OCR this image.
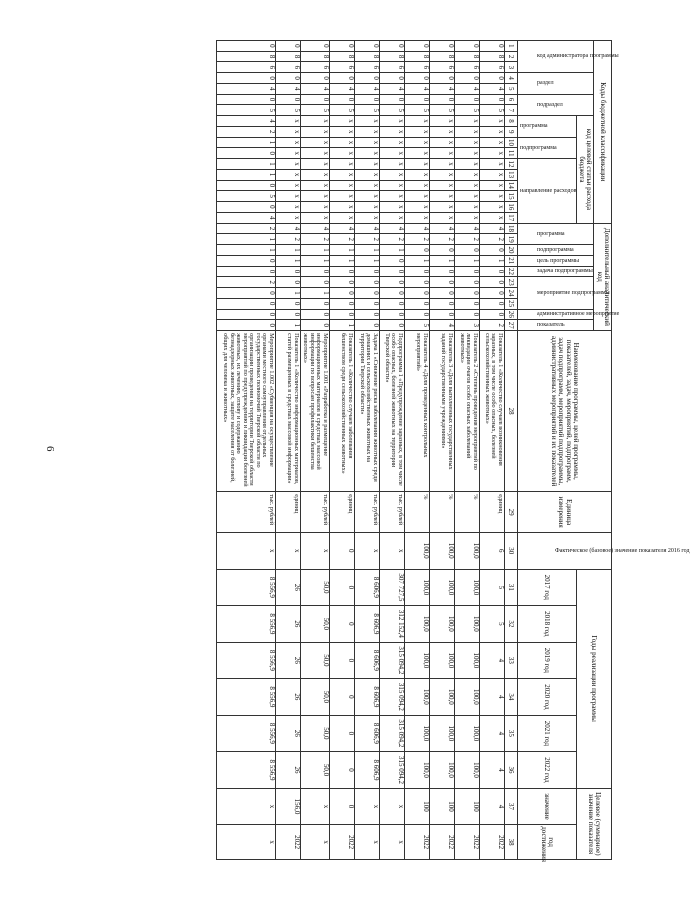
6
Коды бюджетной классификации																	Дополнительный аналитический код										Наименование программы, целей программы, показателей, задач, мероприятий, подпрограмм, задач подпрограмм, мероприятий подпрограммы, административных мероприятий и их показателей	Единица измерения	Фактическое (базовое) значение показателя 2016 год	Годы реализации программы						Целевое (суммарное) значение показателя	

код администратора программы			раздел		подраздел		код целевой статьи расхода бюджета										программа		подпрограмма	цель программы	задача подпрограммы	мероприятие подпрограммы			административное мероприятие	показатель											

							программа		подпрограмма		направление расходов																			2017 год	2018 год	2019 год	2020 год	2021 год	2022 год	значение	год достижения
1	2	3	4	5	6	7	8	9	10	11	12	13	14	15	16	17	18	19	20	21	22	23	24	25	26	27	28	29	30	31	32	33	34	35	36	37	38
0	8	6	0	4	0	5	х	х	х	х	х	х	х	х	х	х	4	2	0	1	0	0	0	0	0	2	Показатель 1 «Количество случаев возникновения заразных, в том числе особо опасных, болезней сельскохозяйственных животных»	единиц	6	5	5	4	4	4	4	4	2022
0	8	6	0	4	0	5	х	х	х	х	х	х	х	х	х	х	4	2	0	1	0	0	0	0	0	3	Показатель 2 «Степень проведения мероприятий по ликвидации очагов особо опасных заболеваний животных»	%	100,0	100,0	100,0	100,0	100,0	100,0	100,0	100	2022
0	8	6	0	4	0	5	х	х	х	х	х	х	х	х	х	х	4	2	0	1	0	0	0	0	0	4	Показатель 3 «Доля выполненных государственных заданий государственными учреждениями»	%	100,0	100,0	100,0	100,0	100,0	100,0	100,0	100	2022
0	8	6	0	4	0	5	х	х	х	х	х	х	х	х	х	х	4	2	0	1	0	0	0	0	0	5	Показатель 4 «Доля проведенных контрольных мероприятий»	%	100,0	100,0	100,0	100,0	100,0	100,0	100,0	100	2022
0	8	6	0	4	0	5	х	х	х	х	х	х	х	х	х	х	4	2	1	0	0	0	0	0	0	0	Подпрограмма 1 «Предупреждение заразных, в том числе особо опасных, болезней животных на территории Тверской области»	тыс. рублей	х	307 727,5	312 152,4	315 094,2	315 094,2	315 094,2	315 094,2	х	х
0	8	6	0	4	0	5	х	х	х	х	х	х	х	х	х	х	4	2	1	1	0	0	0	0	0	0	Задача 1 «Снижение риска заболевания животных среди домашних и сельскохозяйственных животных на территории Тверской области»	тыс. рублей	х	8 606,9	8 606,9	8 606,9	8 606,9	8 606,9	8 606,9	х	х
0	8	6	0	4	0	5	х	х	х	х	х	х	х	х	х	х	4	2	1	1	0	0	0	0	0	1	Показатель 1 «Количество случаев заболевания бешенством среди сельскохозяйственных животных»	единиц	0	0	0	0	0	0	0	0	2022
0	8	6	0	4	0	5	х	х	х	х	х	х	х	х	х	х	4	2	1	1	0	0	1	0	0	0	Мероприятие 1.001 «Разработка и размещение информационных материалов в средствах массовой информации по вопросам профилактики бешенства животных»	тыс. рублей	х	50,0	50,0	50,0	50,0	50,0	50,0	х	х
0	8	6	0	4	0	5	х	х	х	х	х	х	х	х	х	х	4	2	1	1	0	0	1	0	0	1	Показатель 1 «Количество информационных материалов, статей размещенных в средствах массовой информации»	единиц	х	26	26	26	26	26	26	156,0	2022
0	8	6	0	4	0	5	4	2	1	0	1	1	0	5	0	4	2	1	1	0	0	2	0	0	0	0	Мероприятие 1.002 «Субвенция на осуществление органами местного самоуправления отдельных государственных полномочий Тверской области по организации проведения на территории Тверской области мероприятий по предупреждению и ликвидации болезней животных, их лечению, отлову и содержанию безнадзорных животных, защите населения от болезней, общих для человека и животных»	тыс. рублей	х	8 556,9	8 556,9	8 556,9	8 556,9	8 556,9	8 556,9	х	х
